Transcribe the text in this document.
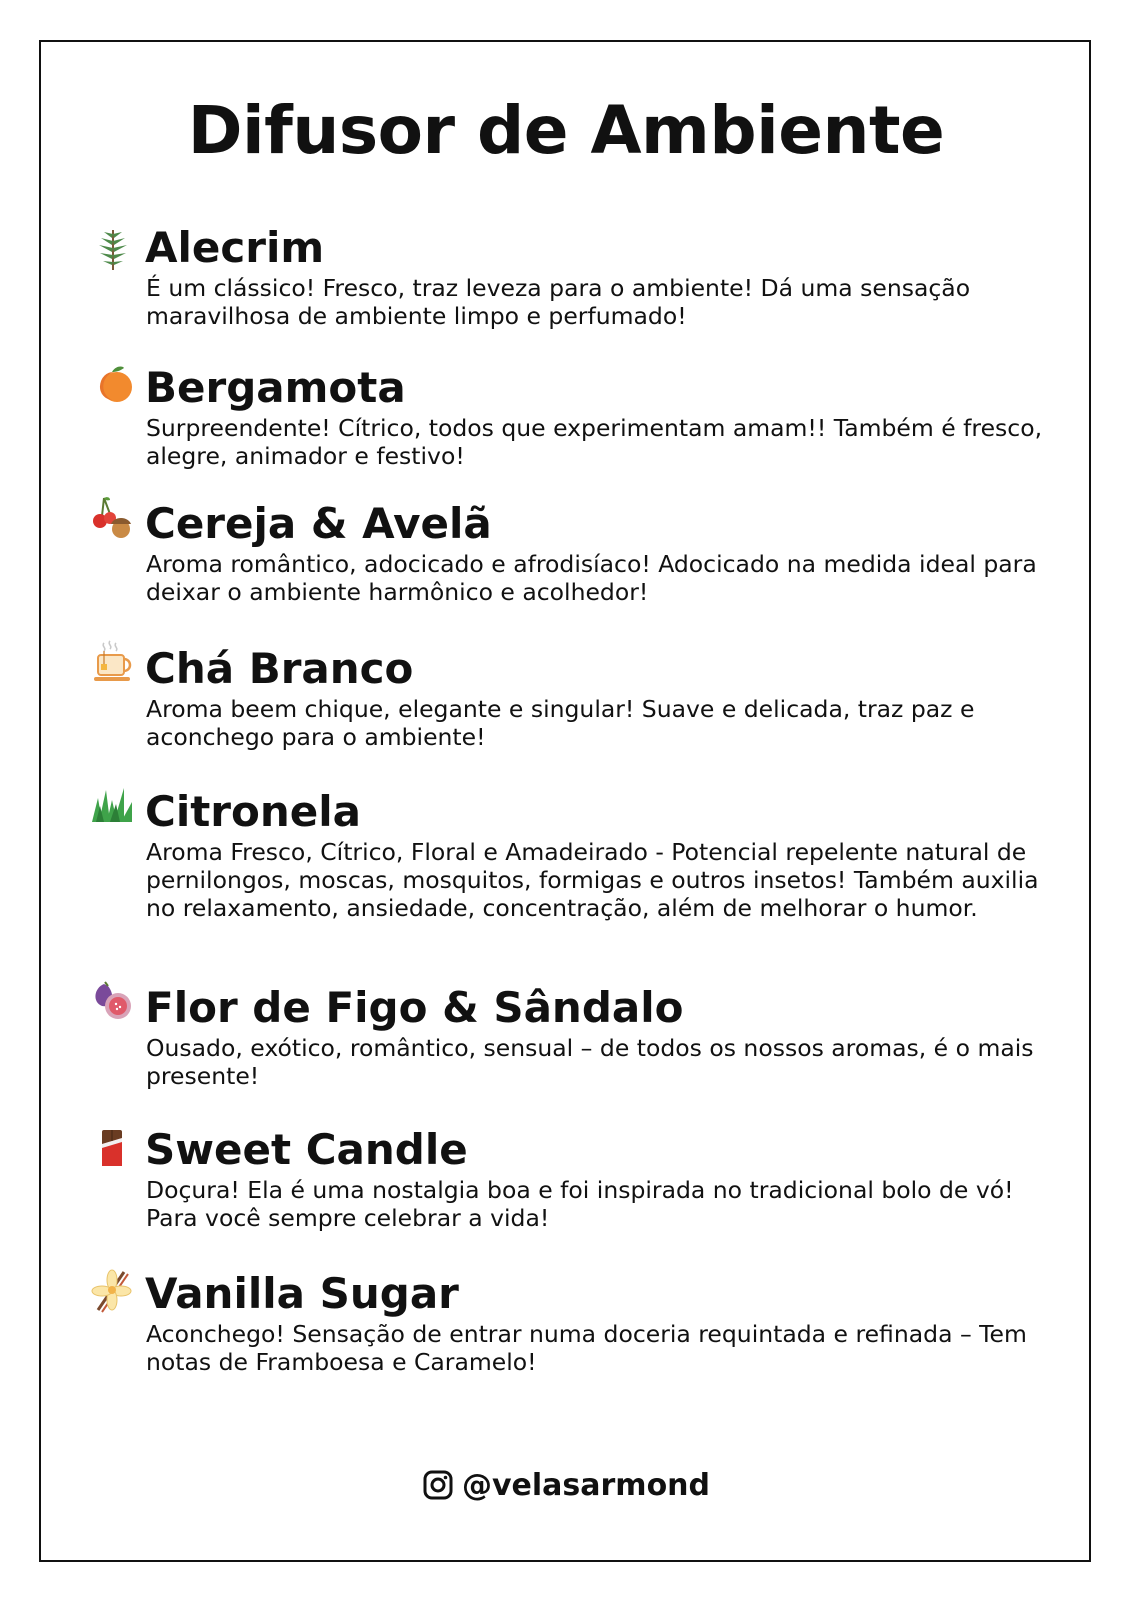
Difusor de Ambiente

Alecrim

É um clássico! Fresco, traz leveza para o ambiente! Dá uma sensação maravilhosa de ambiente limpo e perfumado!

Bergamota

Surpreendente! Cítrico, todos que experimentam amam!! Também é fresco, alegre, animador e festivo!

Cereja & Avelã

Aroma romântico, adocicado e afrodisíaco! Adocicado na medida ideal para deixar o ambiente harmônico e acolhedor!

Chá Branco

Aroma beem chique, elegante e singular! Suave e delicada, traz paz e aconchego para o ambiente!

Citronela

Aroma Fresco, Cítrico, Floral e Amadeirado - Potencial repelente natural de pernilongos, moscas, mosquitos, formigas e outros insetos! Também auxilia no relaxamento, ansiedade, concentração, além de melhorar o humor.

Flor de Figo & Sândalo

Ousado, exótico, romântico, sensual – de todos os nossos aromas, é o mais presente!

Sweet Candle

Doçura! Ela é uma nostalgia boa e foi inspirada no tradicional bolo de vó! Para você sempre celebrar a vida!

Vanilla Sugar

Aconchego! Sensação de entrar numa doceria requintada e refinada – Tem notas de Framboesa e Caramelo!

@velasarmond
